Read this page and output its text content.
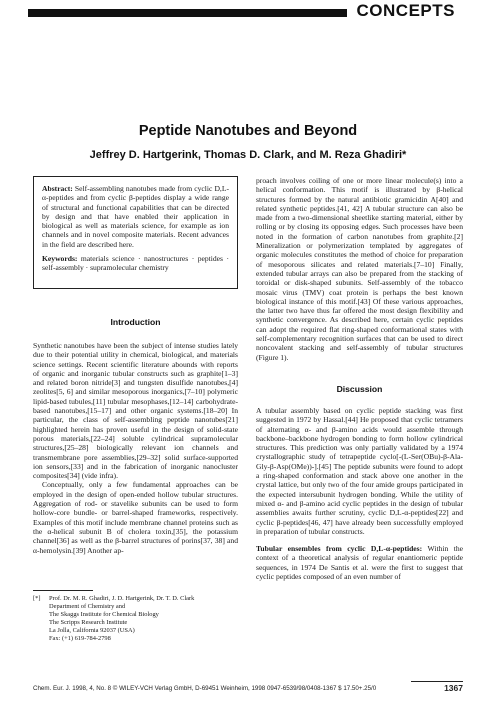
CONCEPTS
Peptide Nanotubes and Beyond
Jeffrey D. Hartgerink, Thomas D. Clark, and M. Reza Ghadiri*

Abstract: Self-assembling nanotubes made from cyclic D,L-α-peptides and from cyclic β-peptides display a wide range of structural and functional capabilities that can be directed by design and that have enabled their application in biological as well as materials science, for example as ion channels and in novel composite materials. Recent advances in the field are described here.

Keywords: materials science · nanostructures · peptides · self-assembly · supramolecular chemistry

Introduction

Synthetic nanotubes have been the subject of intense studies lately due to their potential utility in chemical, biological, and materials science settings. Recent scientific literature abounds with reports of organic and inorganic tubular constructs such as graphite[1–3] and related boron nitride[3] and tungsten disulfide nanotubes,[4] zeolites[5, 6] and similar mesoporous inorganics,[7–10] polymeric lipid-based tubules,[11] tubular mesophases,[12–14] carbohydrate-based nanotubes,[15–17] and other organic systems.[18–20] In particular, the class of self-assembling peptide nanotubes[21] highlighted herein has proven useful in the design of solid-state porous materials,[22–24] soluble cylindrical supramolecular structures,[25–28] biologically relevant ion channels and transmembrane pore assemblies,[29–32] solid surface-supported ion sensors,[33] and in the fabrication of inorganic nanocluster composites[34] (vide infra).

Conceptually, only a few fundamental approaches can be employed in the design of open-ended hollow tubular structures. Aggregation of rod- or stavelike subunits can be used to form hollow-core bundle- or barrel-shaped frameworks, respectively. Examples of this motif include membrane channel proteins such as the α-helical subunit B of cholera toxin,[35], the potassium channel[36] as well as the β-barrel structures of porins[37, 38] and α-hemolysin.[39] Another ap-

[*] Prof. Dr. M. R. Ghadiri, J. D. Hartgerink, Dr. T. D. Clark
Department of Chemistry and
The Skaggs Institute for Chemical Biology
The Scripps Research Institute
La Jolla, California 92037 (USA)
Fax: (+1) 619-784-2798

proach involves coiling of one or more linear molecule(s) into a helical conformation. This motif is illustrated by β-helical structures formed by the natural antibiotic gramicidin A[40] and related synthetic peptides.[41, 42] A tubular structure can also be made from a two-dimensional sheetlike starting material, either by rolling or by closing its opposing edges. Such processes have been noted in the formation of carbon nanotubes from graphite.[2] Mineralization or polymerization templated by aggregates of organic molecules constitutes the method of choice for preparation of mesoporous silicates and related materials.[7–10] Finally, extended tubular arrays can also be prepared from the stacking of toroidal or disk-shaped subunits. Self-assembly of the tobacco mosaic virus (TMV) coat protein is perhaps the best known biological instance of this motif.[43] Of these various approaches, the latter two have thus far offered the most design flexibility and synthetic convergence. As described here, certain cyclic peptides can adopt the required flat ring-shaped conformational states with self-complementary recognition surfaces that can be used to direct noncovalent stacking and self-assembly of tubular structures (Figure 1).

Discussion

A tubular assembly based on cyclic peptide stacking was first suggested in 1972 by Hassal.[44] He proposed that cyclic tetramers of alternating α- and β-amino acids would assemble through backbone–backbone hydrogen bonding to form hollow cylindrical structures. This prediction was only partially validated by a 1974 crystallographic study of tetrapeptide cyclo[-(L-Ser(OBu)-β-Ala-Gly-β-Asp(OMe))-].[45] The peptide subunits were found to adopt a ring-shaped conformation and stack above one another in the crystal lattice, but only two of the four amide groups participated in the expected intersubunit hydrogen bonding. While the utility of mixed α- and β-amino acid cyclic peptides in the design of tubular assemblies awaits further scrutiny, cyclic D,L-α-peptides[22] and cyclic β-peptides[46, 47] have already been successfully employed in preparation of tubular constructs.

Tubular ensembles from cyclic D,L-α-peptides: Within the context of a theoretical analysis of regular enantiomeric peptide sequences, in 1974 De Santis et al. were the first to suggest that cyclic peptides composed of an even number of

Chem. Eur. J. 1998, 4, No. 8 © WILEY-VCH Verlag GmbH, D-69451 Weinheim, 1998 0947-6539/98/0408-1367 $ 17.50+.25/0	1367
